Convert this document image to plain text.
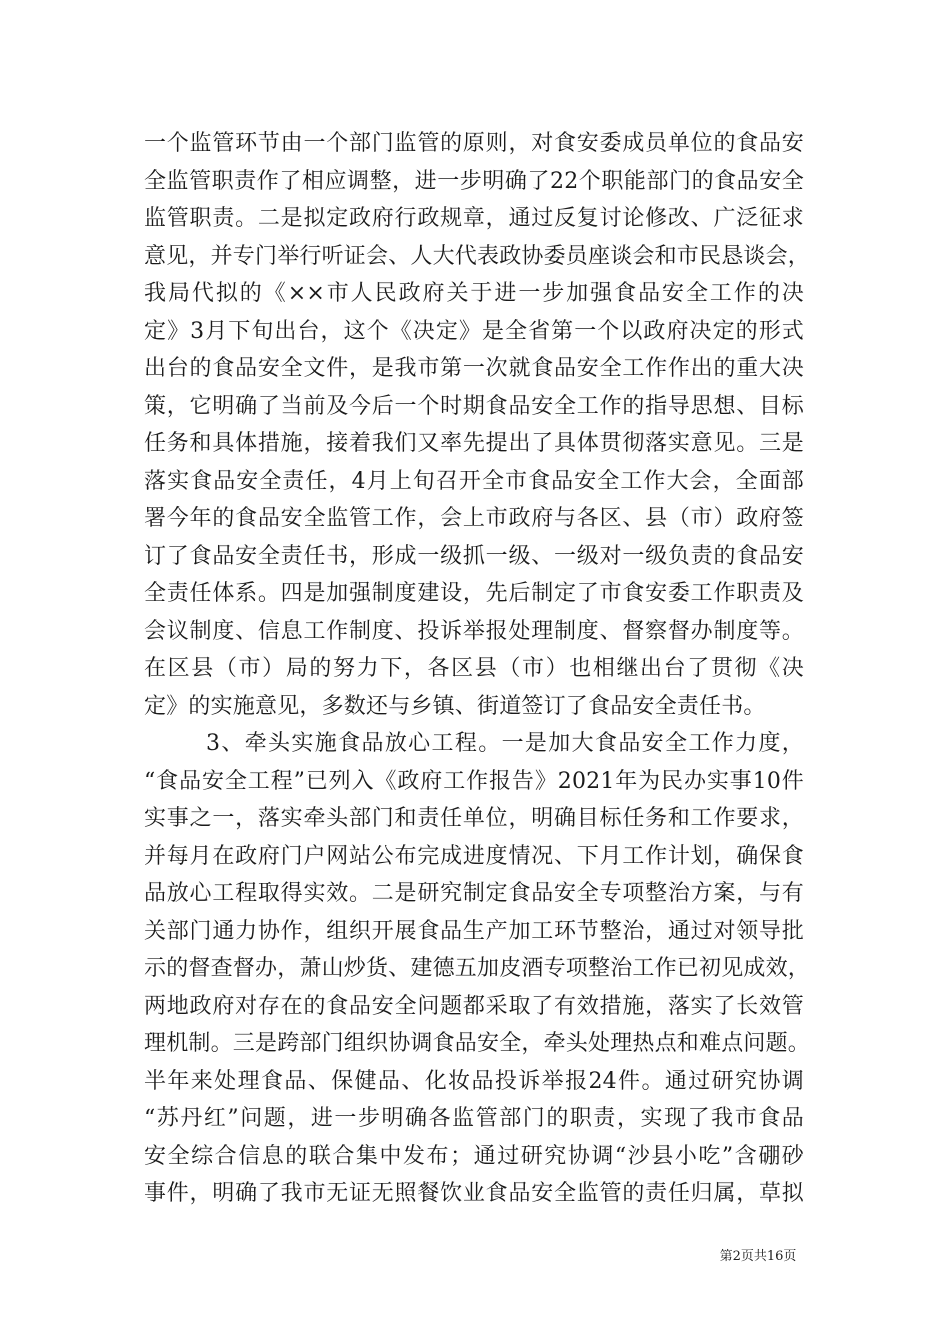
一个监管环节由一个部门监管的原则，对食安委成员单位的食品安
全监管职责作了相应调整，进一步明确了22个职能部门的食品安全
监管职责。二是拟定政府行政规章，通过反复讨论修改、广泛征求
意见，并专门举行听证会、人大代表政协委员座谈会和市民恳谈会，
我局代拟的《××市人民政府关于进一步加强食品安全工作的决
定》3月下旬出台，这个《决定》是全省第一个以政府决定的形式
出台的食品安全文件，是我市第一次就食品安全工作作出的重大决
策，它明确了当前及今后一个时期食品安全工作的指导思想、目标
任务和具体措施，接着我们又率先提出了具体贯彻落实意见。三是
落实食品安全责任，4月上旬召开全市食品安全工作大会，全面部
署今年的食品安全监管工作，会上市政府与各区、县（市）政府签
订了食品安全责任书，形成一级抓一级、一级对一级负责的食品安
全责任体系。四是加强制度建设，先后制定了市食安委工作职责及
会议制度、信息工作制度、投诉举报处理制度、督察督办制度等。
在区县（市）局的努力下，各区县（市）也相继出台了贯彻《决
定》的实施意见，多数还与乡镇、街道签订了食品安全责任书。
3、牵头实施食品放心工程。一是加大食品安全工作力度，
“食品安全工程”已列入《政府工作报告》2021年为民办实事10件
实事之一，落实牵头部门和责任单位，明确目标任务和工作要求，
并每月在政府门户网站公布完成进度情况、下月工作计划，确保食
品放心工程取得实效。二是研究制定食品安全专项整治方案，与有
关部门通力协作，组织开展食品生产加工环节整治，通过对领导批
示的督查督办，萧山炒货、建德五加皮酒专项整治工作已初见成效，
两地政府对存在的食品安全问题都采取了有效措施，落实了长效管
理机制。三是跨部门组织协调食品安全，牵头处理热点和难点问题。
半年来处理食品、保健品、化妆品投诉举报24件。通过研究协调
“苏丹红”问题，进一步明确各监管部门的职责，实现了我市食品
安全综合信息的联合集中发布；通过研究协调“沙县小吃”含硼砂
事件，明确了我市无证无照餐饮业食品安全监管的责任归属，草拟
第2页共16页
